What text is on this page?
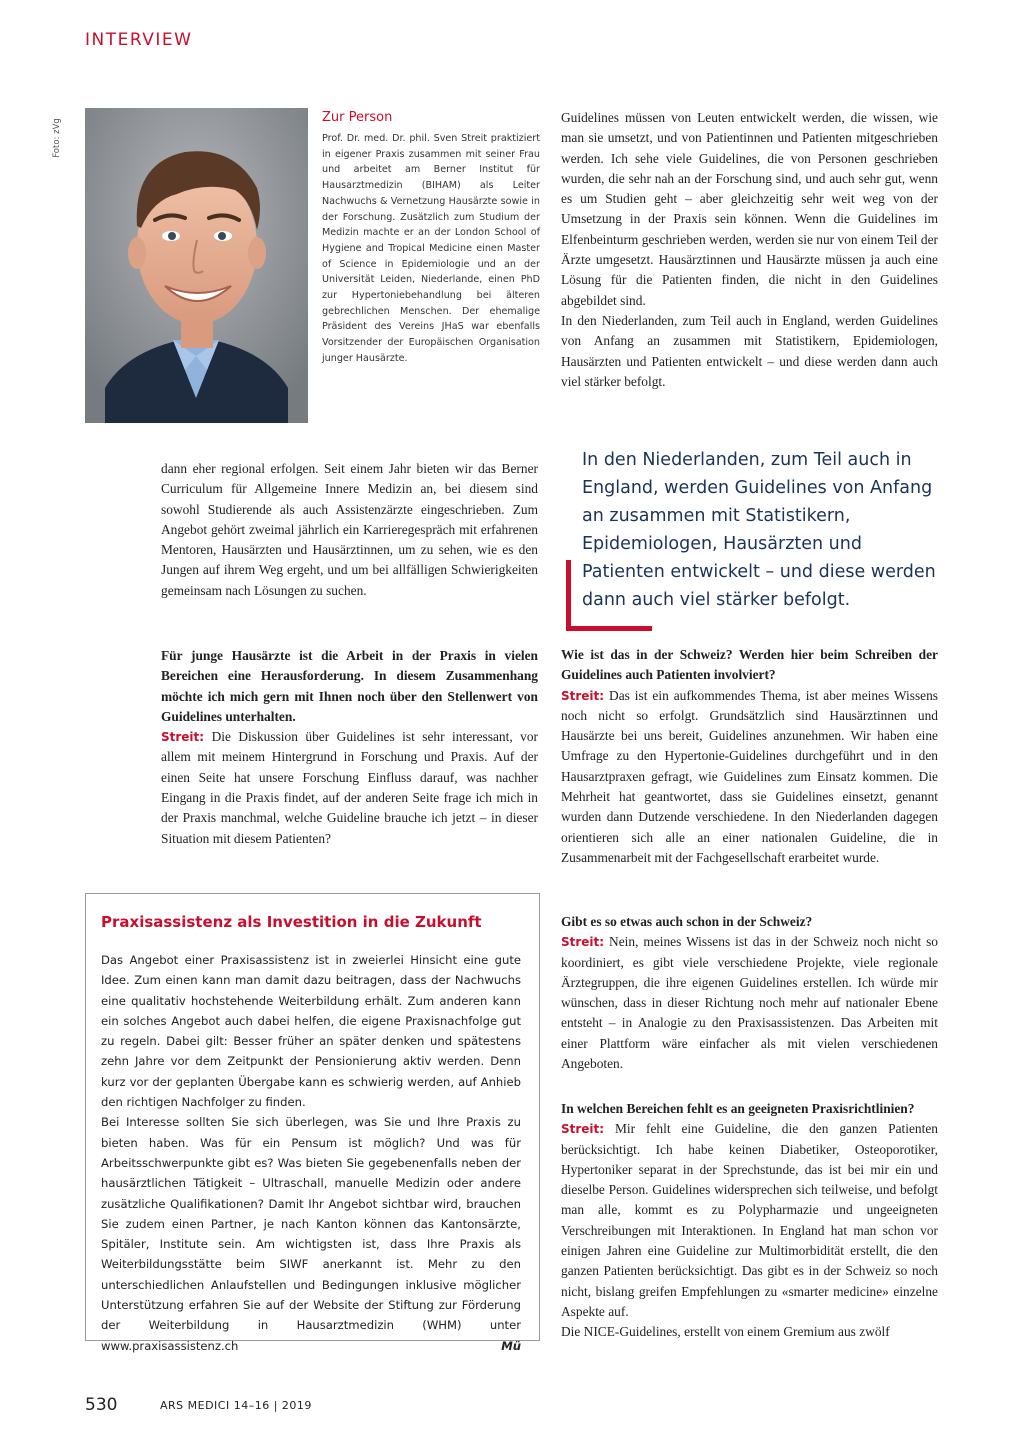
INTERVIEW
Foto: zVg
Zur Person
Prof. Dr. med. Dr. phil. Sven Streit praktiziert in eigener Praxis zusammen mit seiner Frau und arbeitet am Berner Institut für Hausarztmedizin (BIHAM) als Leiter Nachwuchs & Vernetzung Hausärzte sowie in der Forschung. Zusätzlich zum Studium der Medizin machte er an der London School of Hygiene and Tropical Medicine einen Master of Science in Epidemiologie und an der Universität Leiden, Niederlande, einen PhD zur Hypertoniebehandlung bei älteren gebrechlichen Menschen. Der ehemalige Präsident des Vereins JHaS war ebenfalls Vorsitzender der Europäischen Organisation junger Hausärzte.

Guidelines müssen von Leuten entwickelt werden, die wissen, wie man sie umsetzt, und von Patientinnen und Patienten mitgeschrieben werden. Ich sehe viele Guidelines, die von Personen geschrieben wurden, die sehr nah an der Forschung sind, und auch sehr gut, wenn es um Studien geht – aber gleichzeitig sehr weit weg von der Umsetzung in der Praxis sein können. Wenn die Guidelines im Elfenbeinturm geschrieben werden, werden sie nur von einem Teil der Ärzte umgesetzt. Hausärztinnen und Hausärzte müssen ja auch eine Lösung für die Patienten finden, die nicht in den Guidelines abgebildet sind.

In den Niederlanden, zum Teil auch in England, werden Guidelines von Anfang an zusammen mit Statistikern, Epidemiologen, Hausärzten und Patienten entwickelt – und diese werden dann auch viel stärker befolgt.

In den Niederlanden, zum Teil auch in England, werden Guidelines von Anfang an zusammen mit Statistikern, Epidemiologen, Hausärzten und Patienten entwickelt – und diese werden dann auch viel stärker befolgt.

dann eher regional erfolgen. Seit einem Jahr bieten wir das Berner Curriculum für Allgemeine Innere Medizin an, bei diesem sind sowohl Studierende als auch Assistenzärzte eingeschrieben. Zum Angebot gehört zweimal jährlich ein Karrieregespräch mit erfahrenen Mentoren, Hausärzten und Hausärztinnen, um zu sehen, wie es den Jungen auf ihrem Weg ergeht, und um bei allfälligen Schwierigkeiten gemeinsam nach Lösungen zu suchen.

Für junge Hausärzte ist die Arbeit in der Praxis in vielen Bereichen eine Herausforderung. In diesem Zusammenhang möchte ich mich gern mit Ihnen noch über den Stellenwert von Guidelines unterhalten.

Streit: Die Diskussion über Guidelines ist sehr interessant, vor allem mit meinem Hintergrund in Forschung und Praxis. Auf der einen Seite hat unsere Forschung Einfluss darauf, was nachher Eingang in die Praxis findet, auf der anderen Seite frage ich mich in der Praxis manchmal, welche Guideline brauche ich jetzt – in dieser Situation mit diesem Patienten?

Wie ist das in der Schweiz? Werden hier beim Schreiben der Guidelines auch Patienten involviert?

Streit: Das ist ein aufkommendes Thema, ist aber meines Wissens noch nicht so erfolgt. Grundsätzlich sind Hausärztinnen und Hausärzte bei uns bereit, Guidelines anzunehmen. Wir haben eine Umfrage zu den Hypertonie-Guidelines durchgeführt und in den Hausarztpraxen gefragt, wie Guidelines zum Einsatz kommen. Die Mehrheit hat geantwortet, dass sie Guidelines einsetzt, genannt wurden dann Dutzende verschiedene. In den Niederlanden dagegen orientieren sich alle an einer nationalen Guideline, die in Zusammenarbeit mit der Fachgesellschaft erarbeitet wurde.

Gibt es so etwas auch schon in der Schweiz?

Streit: Nein, meines Wissens ist das in der Schweiz noch nicht so koordiniert, es gibt viele verschiedene Projekte, viele regionale Ärztegruppen, die ihre eigenen Guidelines erstellen. Ich würde mir wünschen, dass in dieser Richtung noch mehr auf nationaler Ebene entsteht – in Analogie zu den Praxisassistenzen. Das Arbeiten mit einer Plattform wäre einfacher als mit vielen verschiedenen Angeboten.

In welchen Bereichen fehlt es an geeigneten Praxisrichtlinien?

Streit: Mir fehlt eine Guideline, die den ganzen Patienten berücksichtigt. Ich habe keinen Diabetiker, Osteoporotiker, Hypertoniker separat in der Sprechstunde, das ist bei mir ein und dieselbe Person. Guidelines widersprechen sich teilweise, und befolgt man alle, kommt es zu Polypharmazie und ungeeigneten Verschreibungen mit Interaktionen. In England hat man schon vor einigen Jahren eine Guideline zur Multimorbidität erstellt, die den ganzen Patienten berücksichtigt. Das gibt es in der Schweiz so noch nicht, bislang greifen Empfehlungen zu «smarter medicine» einzelne Aspekte auf.

Die NICE-Guidelines, erstellt von einem Gremium aus zwölf

Praxisassistenz als Investition in die Zukunft

Das Angebot einer Praxisassistenz ist in zweierlei Hinsicht eine gute Idee. Zum einen kann man damit dazu beitragen, dass der Nachwuchs eine qualitativ hochstehende Weiterbildung erhält. Zum anderen kann ein solches Angebot auch dabei helfen, die eigene Praxisnachfolge gut zu regeln. Dabei gilt: Besser früher an später denken und spätestens zehn Jahre vor dem Zeitpunkt der Pensionierung aktiv werden. Denn kurz vor der geplanten Übergabe kann es schwierig werden, auf Anhieb den richtigen Nachfolger zu finden.

Bei Interesse sollten Sie sich überlegen, was Sie und Ihre Praxis zu bieten haben. Was für ein Pensum ist möglich? Und was für Arbeitsschwerpunkte gibt es? Was bieten Sie gegebenenfalls neben der hausärztlichen Tätigkeit – Ultraschall, manuelle Medizin oder andere zusätzliche Qualifikationen? Damit Ihr Angebot sichtbar wird, brauchen Sie zudem einen Partner, je nach Kanton können das Kantonsärzte, Spitäler, Institute sein. Am wichtigsten ist, dass Ihre Praxis als Weiterbildungsstätte beim SIWF anerkannt ist. Mehr zu den unterschiedlichen Anlaufstellen und Bedingungen inklusive möglicher Unterstützung erfahren Sie auf der Website der Stiftung zur Förderung der Weiterbildung in Hausarztmedizin (WHM) unter www.praxisassistenz.ch	Mü

530	ARS MEDICI 14–16 | 2019
